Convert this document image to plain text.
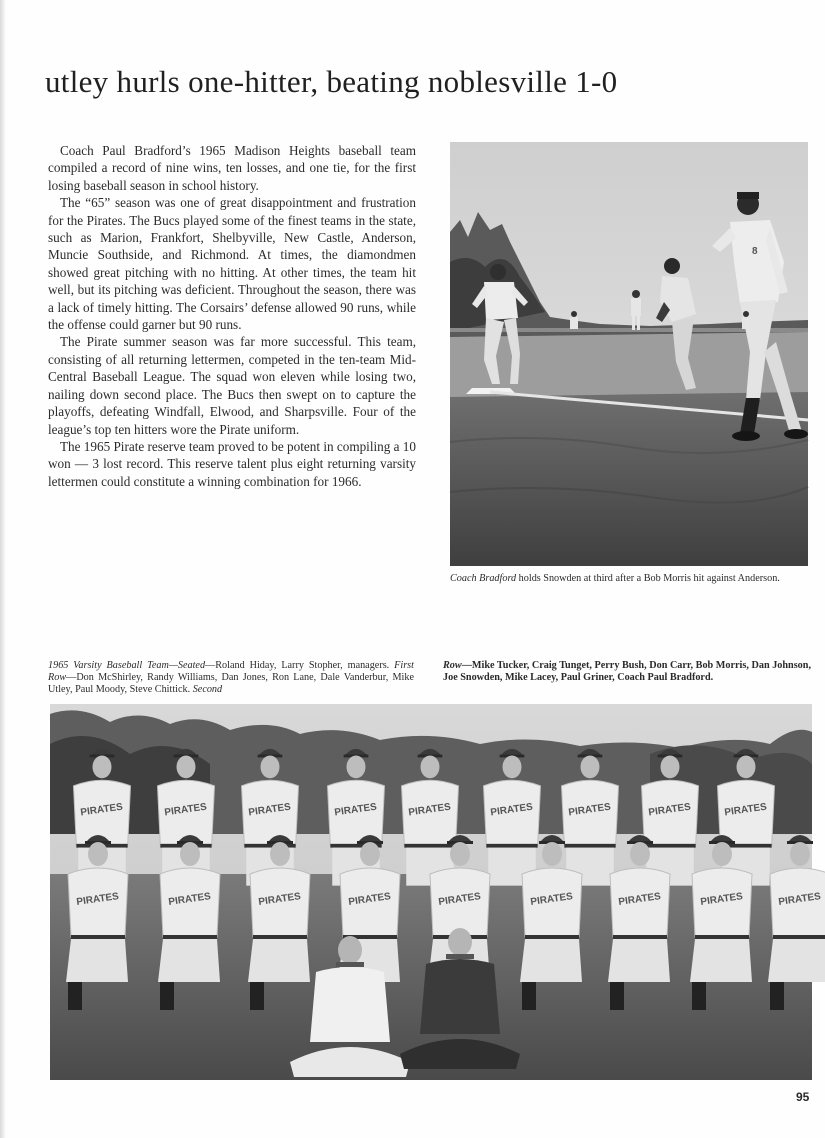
utley hurls one-hitter, beating noblesville 1-0

Coach Paul Bradford’s 1965 Madison Heights baseball team compiled a record of nine wins, ten losses, and one tie, for the first losing baseball season in school history.

The “65” season was one of great disappointment and frustration for the Pirates. The Bucs played some of the finest teams in the state, such as Marion, Frankfort, Shelbyville, New Castle, Anderson, Muncie Southside, and Richmond. At times, the diamondmen showed great pitching with no hitting. At other times, the team hit well, but its pitching was deficient. Throughout the season, there was a lack of timely hitting. The Corsairs’ defense allowed 90 runs, while the offense could garner but 90 runs.

The Pirate summer season was far more successful. This team, consisting of all returning lettermen, competed in the ten-team Mid-Central Baseball League. The squad won eleven while losing two, nailing down second place. The Bucs then swept on to capture the playoffs, defeating Windfall, Elwood, and Sharpsville. Four of the league’s top ten hitters wore the Pirate uniform.

The 1965 Pirate reserve team proved to be potent in compiling a 10 won — 3 lost record. This reserve talent plus eight returning varsity lettermen could constitute a winning combination for 1966.

8
Coach Bradford holds Snowden at third after a Bob Morris hit against Anderson.
1965 Varsity Baseball Team—Seated—Roland Hiday, Larry Stopher, managers. First Row—Don McShirley, Randy Williams, Dan Jones, Ron Lane, Dale Vanderbur, Mike Utley, Paul Moody, Steve Chittick. Second
Row—Mike Tucker, Craig Tunget, Perry Bush, Don Carr, Bob Morris, Dan Johnson, Joe Snowden, Mike Lacey, Paul Griner, Coach Paul Bradford.
PIRATES	PIRATES	PIRATES	PIRATES	PIRATES	PIRATES	PIRATES	PIRATES	PIRATES
PIRATES	PIRATES	PIRATES	PIRATES	PIRATES	PIRATES	PIRATES	PIRATES	PIRATES
95
